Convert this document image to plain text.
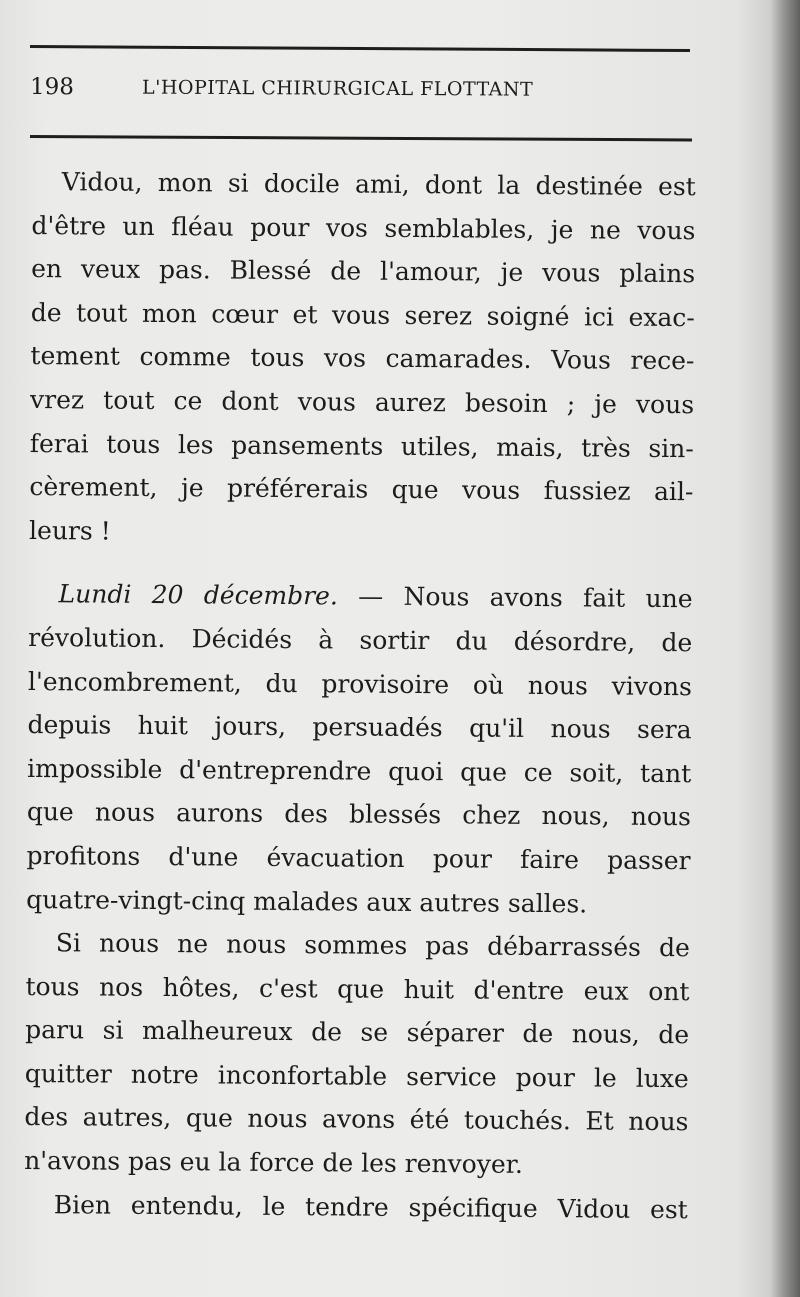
198	L'HOPITAL CHIRURGICAL FLOTTANT
Vidou, mon si docile ami, dont la destinée est
d'être un fléau pour vos semblables, je ne vous
en veux pas. Blessé de l'amour, je vous plains
de tout mon cœur et vous serez soigné ici exac-
tement comme tous vos camarades. Vous rece-
vrez tout ce dont vous aurez besoin ; je vous
ferai tous les pansements utiles, mais, très sin-
cèrement, je préférerais que vous fussiez ail-
leurs !
Lundi 20 décembre. — Nous avons fait une
révolution. Décidés à sortir du désordre, de
l'encombrement, du provisoire où nous vivons
depuis huit jours, persuadés qu'il nous sera
impossible d'entreprendre quoi que ce soit, tant
que nous aurons des blessés chez nous, nous
profitons d'une évacuation pour faire passer
quatre-vingt-cinq malades aux autres salles.
Si nous ne nous sommes pas débarrassés de
tous nos hôtes, c'est que huit d'entre eux ont
paru si malheureux de se séparer de nous, de
quitter notre inconfortable service pour le luxe
des autres, que nous avons été touchés. Et nous
n'avons pas eu la force de les renvoyer.
Bien entendu, le tendre spécifique Vidou est
